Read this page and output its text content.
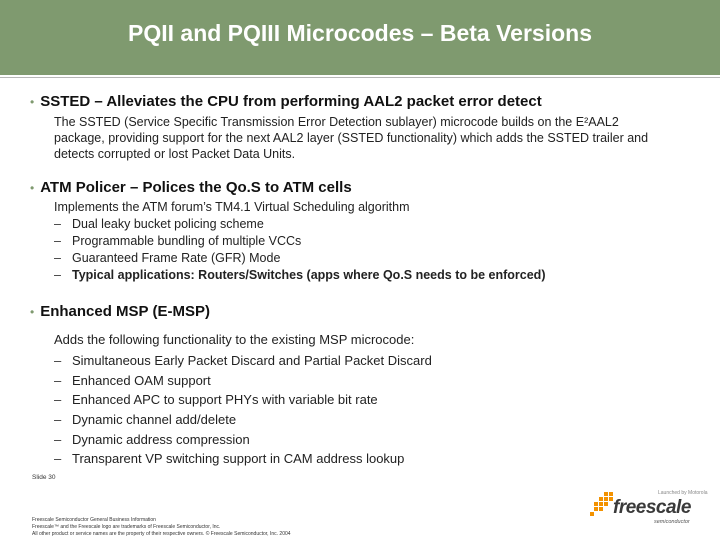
PQII and PQIII Microcodes – Beta Versions
• SSTED – Alleviates the CPU from performing AAL2 packet error detect
The SSTED (Service Specific Transmission Error Detection sublayer) microcode builds on the E²AAL2 package, providing support for the next AAL2 layer (SSTED functionality) which adds the SSTED trailer and detects corrupted or lost Packet Data Units.
• ATM Policer – Polices the Qo.S to ATM cells
Implements the ATM forum’s TM4.1 Virtual Scheduling algorithm
– Dual leaky bucket policing scheme
– Programmable bundling of multiple VCCs
– Guaranteed Frame Rate (GFR) Mode
– Typical applications: Routers/Switches (apps where Qo.S needs to be enforced)
• Enhanced MSP (E-MSP)
Adds the following functionality to the existing MSP microcode:
– Simultaneous Early Packet Discard and Partial Packet Discard
– Enhanced OAM support
– Enhanced APC to support PHYs with variable bit rate
– Dynamic channel add/delete
– Dynamic address compression
– Transparent VP switching support in CAM address lookup
Slide 30
Freescale Semiconductor General Business Information
Freescale™ and the Freescale logo are trademarks of Freescale Semiconductor, Inc.
All other product or service names are the property of their respective owners. © Freescale Semiconductor, Inc. 2004
Launched by Motorola
freescale
semiconductor
